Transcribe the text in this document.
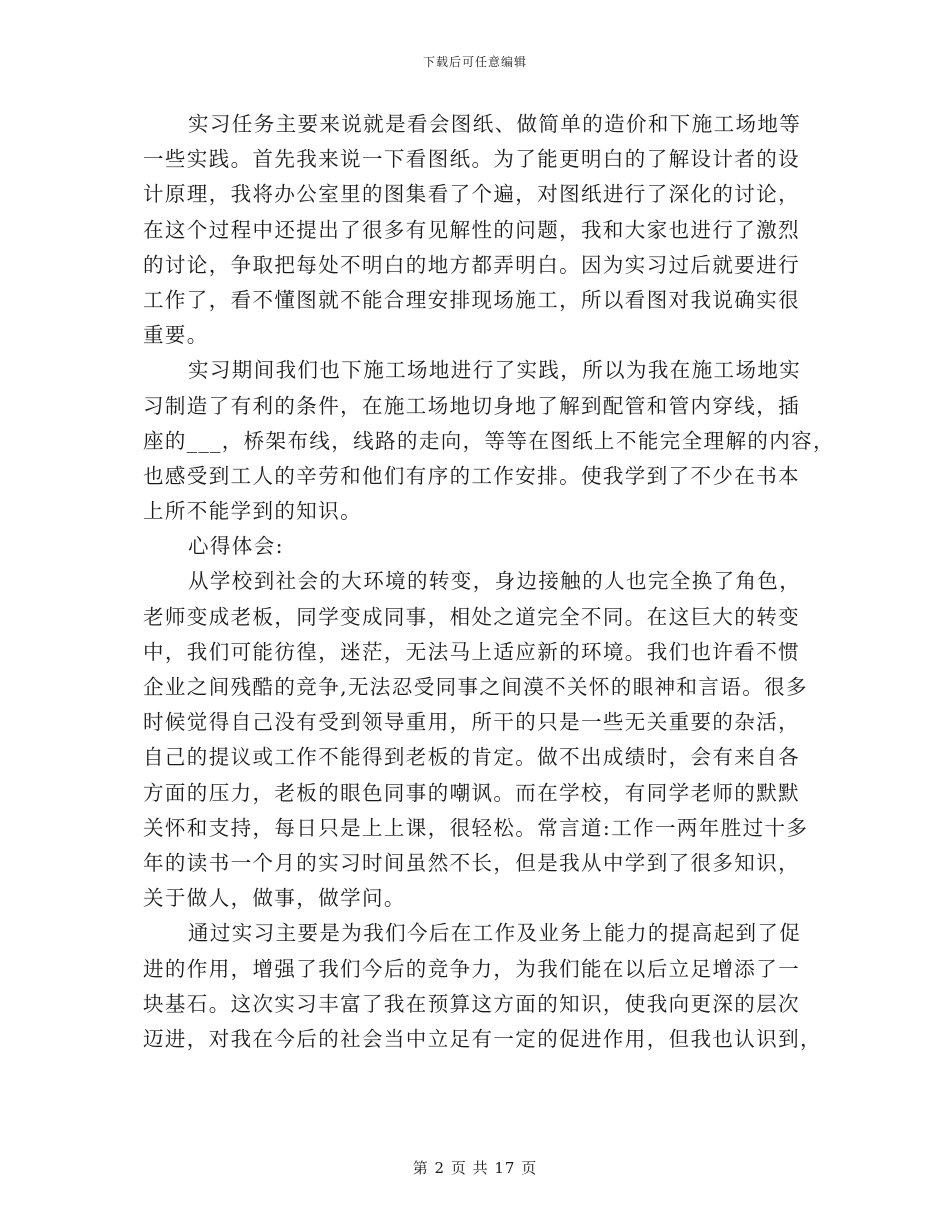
下载后可任意编辑
实习任务主要来说就是看会图纸、做简单的造价和下施工场地等
一些实践。首先我来说一下看图纸。为了能更明白的了解设计者的设
计原理，我将办公室里的图集看了个遍，对图纸进行了深化的讨论，
在这个过程中还提出了很多有见解性的问题，我和大家也进行了激烈
的讨论，争取把每处不明白的地方都弄明白。因为实习过后就要进行
工作了，看不懂图就不能合理安排现场施工，所以看图对我说确实很
重要。
实习期间我们也下施工场地进行了实践，所以为我在施工场地实
习制造了有利的条件，在施工场地切身地了解到配管和管内穿线，插
座的___，桥架布线，线路的走向，等等在图纸上不能完全理解的内容，
也感受到工人的辛劳和他们有序的工作安排。使我学到了不少在书本
上所不能学到的知识。
心得体会:
从学校到社会的大环境的转变，身边接触的人也完全换了角色，
老师变成老板，同学变成同事，相处之道完全不同。在这巨大的转变
中，我们可能彷徨，迷茫，无法马上适应新的环境。我们也许看不惯
企业之间残酷的竞争,无法忍受同事之间漠不关怀的眼神和言语。很多
时候觉得自己没有受到领导重用，所干的只是一些无关重要的杂活，
自己的提议或工作不能得到老板的肯定。做不出成绩时，会有来自各
方面的压力，老板的眼色同事的嘲讽。而在学校，有同学老师的默默
关怀和支持，每日只是上上课，很轻松。常言道:工作一两年胜过十多
年的读书一个月的实习时间虽然不长，但是我从中学到了很多知识，
关于做人，做事，做学问。
通过实习主要是为我们今后在工作及业务上能力的提高起到了促
进的作用，增强了我们今后的竞争力，为我们能在以后立足增添了一
块基石。这次实习丰富了我在预算这方面的知识，使我向更深的层次
迈进，对我在今后的社会当中立足有一定的促进作用，但我也认识到，
第 2 页 共 17 页
